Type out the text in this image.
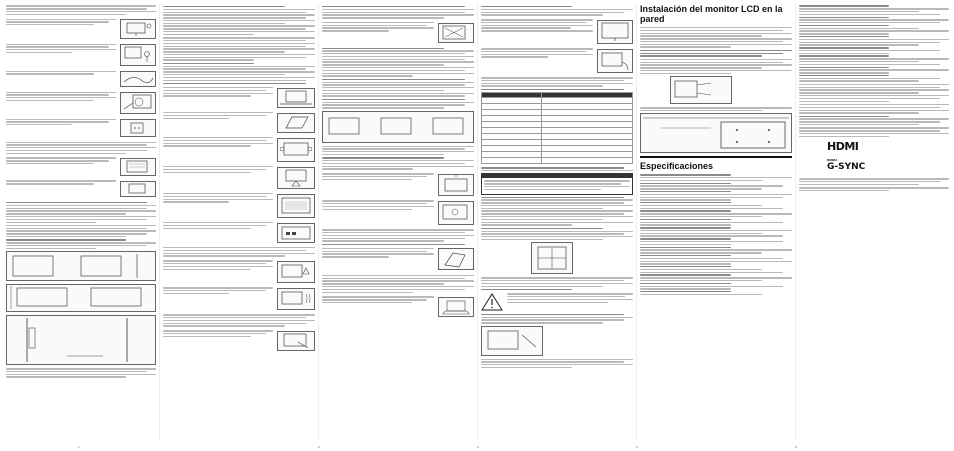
Instalación del monitor LCD en la pared
Especificaciones
HDMI
NVIDIA
G-SYNC
1	2	3	4	5
